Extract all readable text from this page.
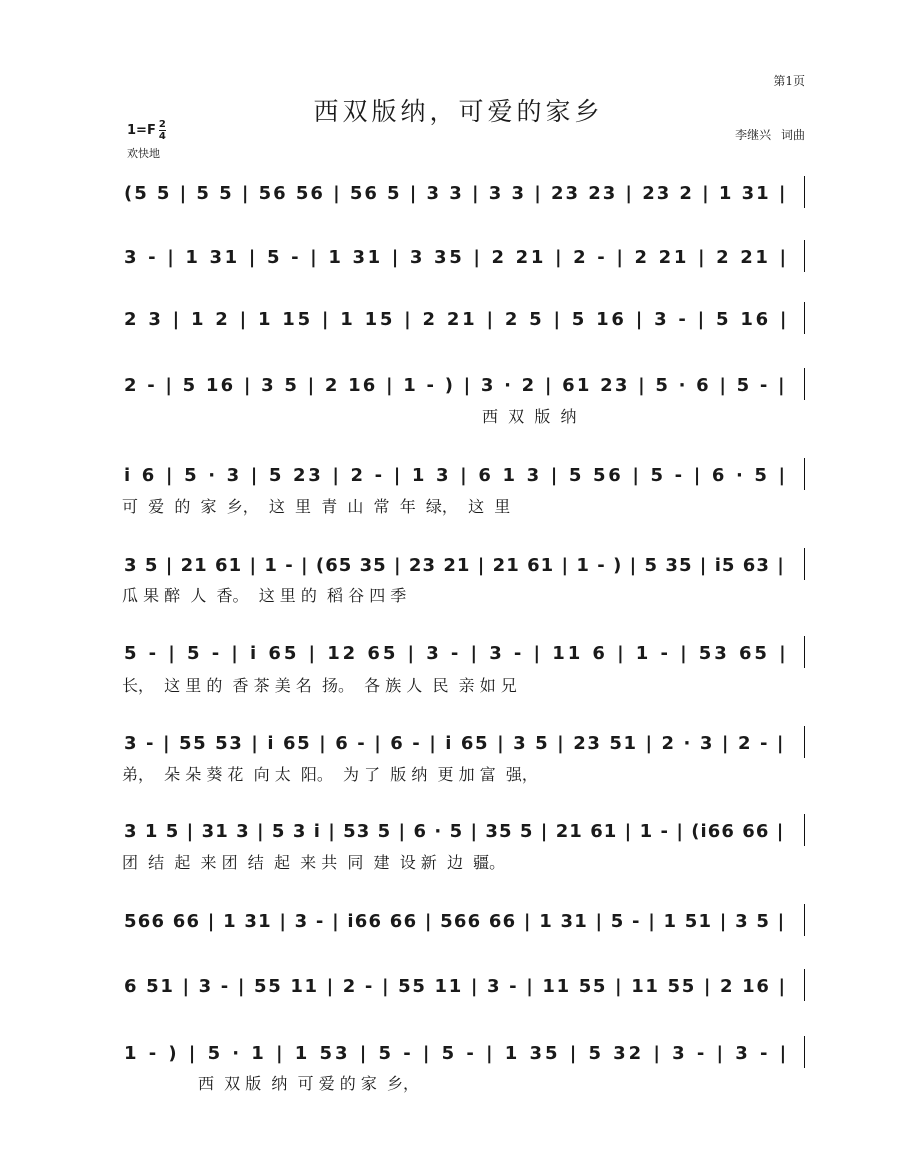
第1页
西双版纳，可爱的家乡
1=F 2
4
欢快地
李继兴 词曲
(5 5 | 5 5 | 56 56 | 56 5 | 3 3 | 3 3 | 23 23 | 23 2 | 1 31 |
3 - | 1 31 | 5 - | 1 31 | 3 35 | 2 21 | 2 - | 2 21 | 2 21 |
2 3 | 1 2 | 1 15 | 1 15 | 2 21 | 2 5 | 5 16 | 3 - | 5 16 |
2 - | 5 16 | 3 5 | 2 16 | 1 - ) | 3 · 2 | 61 23 | 5 · 6 | 5 - |
西  双  版  纳
i 6 | 5 · 3 | 5 23 | 2 - | 1 3 | 6 1 3 | 5 56 | 5 - | 6 · 5 |
可  爱  的  家  乡，  这  里  青  山  常  年  绿，  这  里
3 5 | 21 61 | 1 - | (65 35 | 23 21 | 21 61 | 1 - ) | 5 35 | i5 63 |
瓜 果 醉  人  香。  这 里 的  稻 谷 四 季
5 - | 5 - | i 65 | 12 65 | 3 - | 3 - | 11 6 | 1 - | 53 65 |
长，  这 里 的  香 茶 美 名  扬。  各 族 人  民  亲 如 兄
3 - | 55 53 | i 65 | 6 - | 6 - | i 65 | 3 5 | 23 51 | 2 · 3 | 2 - |
弟，  朵 朵 葵 花  向 太  阳。  为 了  版 纳  更 加 富  强，
3 1 5 | 31 3 | 5 3 i | 53 5 | 6 · 5 | 35 5 | 21 61 | 1 - | (i66 66 |
团  结  起  来 团  结  起  来 共  同  建  设 新  边  疆。
566 66 | 1 31 | 3 - | i66 66 | 566 66 | 1 31 | 5 - | 1 51 | 3 5 |
6 51 | 3 - | 55 11 | 2 - | 55 11 | 3 - | 11 55 | 11 55 | 2 16 |
1 - ) | 5 · 1 | 1 53 | 5 - | 5 - | 1 35 | 5 32 | 3 - | 3 - |
西  双 版  纳  可 爱 的 家  乡，
